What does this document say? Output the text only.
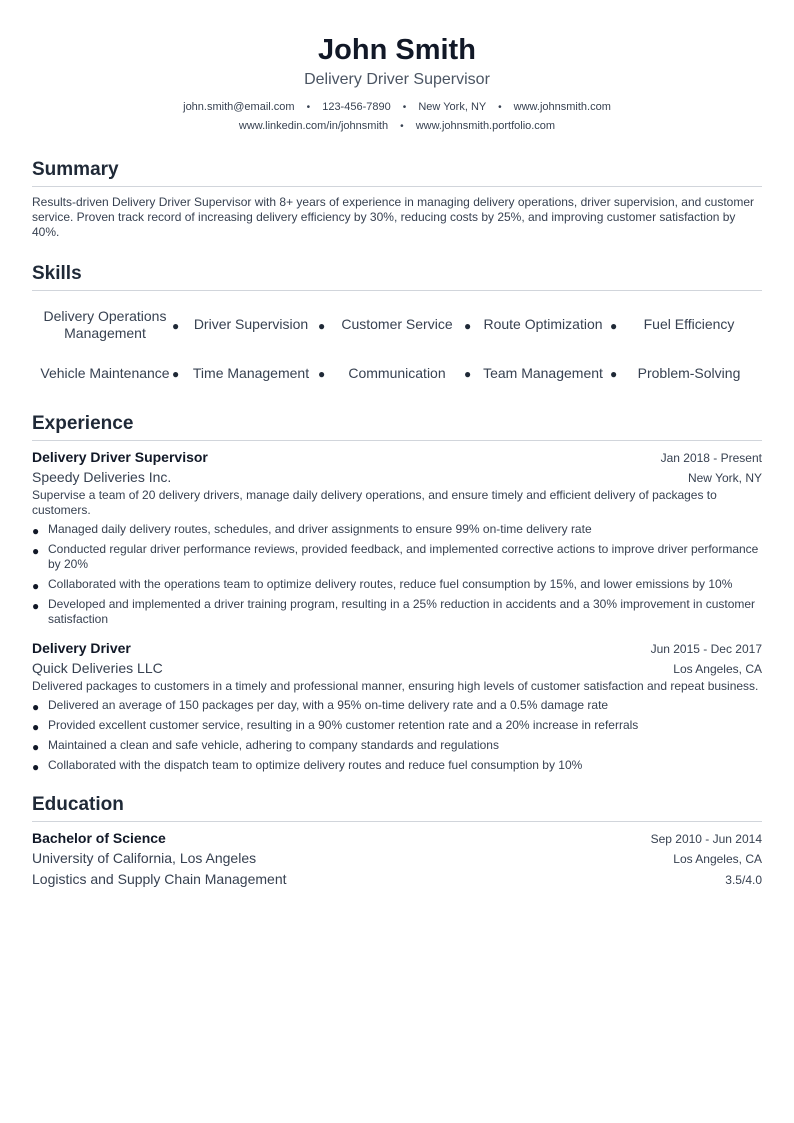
John Smith
Delivery Driver Supervisor
john.smith@email.com • 123-456-7890 • New York, NY • www.johnsmith.com
www.linkedin.com/in/johnsmith • www.johnsmith.portfolio.com
Summary
Results-driven Delivery Driver Supervisor with 8+ years of experience in managing delivery operations, driver supervision, and customer service. Proven track record of increasing delivery efficiency by 30%, reducing costs by 25%, and improving customer satisfaction by 40%.
Skills
Delivery Operations Management	● Driver Supervision ● Customer Service ● Route Optimization ● Fuel Efficiency
Vehicle Maintenance ● Time Management ● Communication ● Team Management ● Problem-Solving
Experience
Delivery Driver Supervisor	Jan 2018 - Present
Speedy Deliveries Inc.	New York, NY
Supervise a team of 20 delivery drivers, manage daily delivery operations, and ensure timely and efficient delivery of packages to customers.
● Managed daily delivery routes, schedules, and driver assignments to ensure 99% on-time delivery rate
● Conducted regular driver performance reviews, provided feedback, and implemented corrective actions to improve driver performance by 20%
● Collaborated with the operations team to optimize delivery routes, reduce fuel consumption by 15%, and lower emissions by 10%
● Developed and implemented a driver training program, resulting in a 25% reduction in accidents and a 30% improvement in customer satisfaction
Delivery Driver	Jun 2015 - Dec 2017
Quick Deliveries LLC	Los Angeles, CA
Delivered packages to customers in a timely and professional manner, ensuring high levels of customer satisfaction and repeat business.
● Delivered an average of 150 packages per day, with a 95% on-time delivery rate and a 0.5% damage rate
● Provided excellent customer service, resulting in a 90% customer retention rate and a 20% increase in referrals
● Maintained a clean and safe vehicle, adhering to company standards and regulations
● Collaborated with the dispatch team to optimize delivery routes and reduce fuel consumption by 10%
Education
Bachelor of Science	Sep 2010 - Jun 2014
University of California, Los Angeles	Los Angeles, CA
Logistics and Supply Chain Management	3.5/4.0
